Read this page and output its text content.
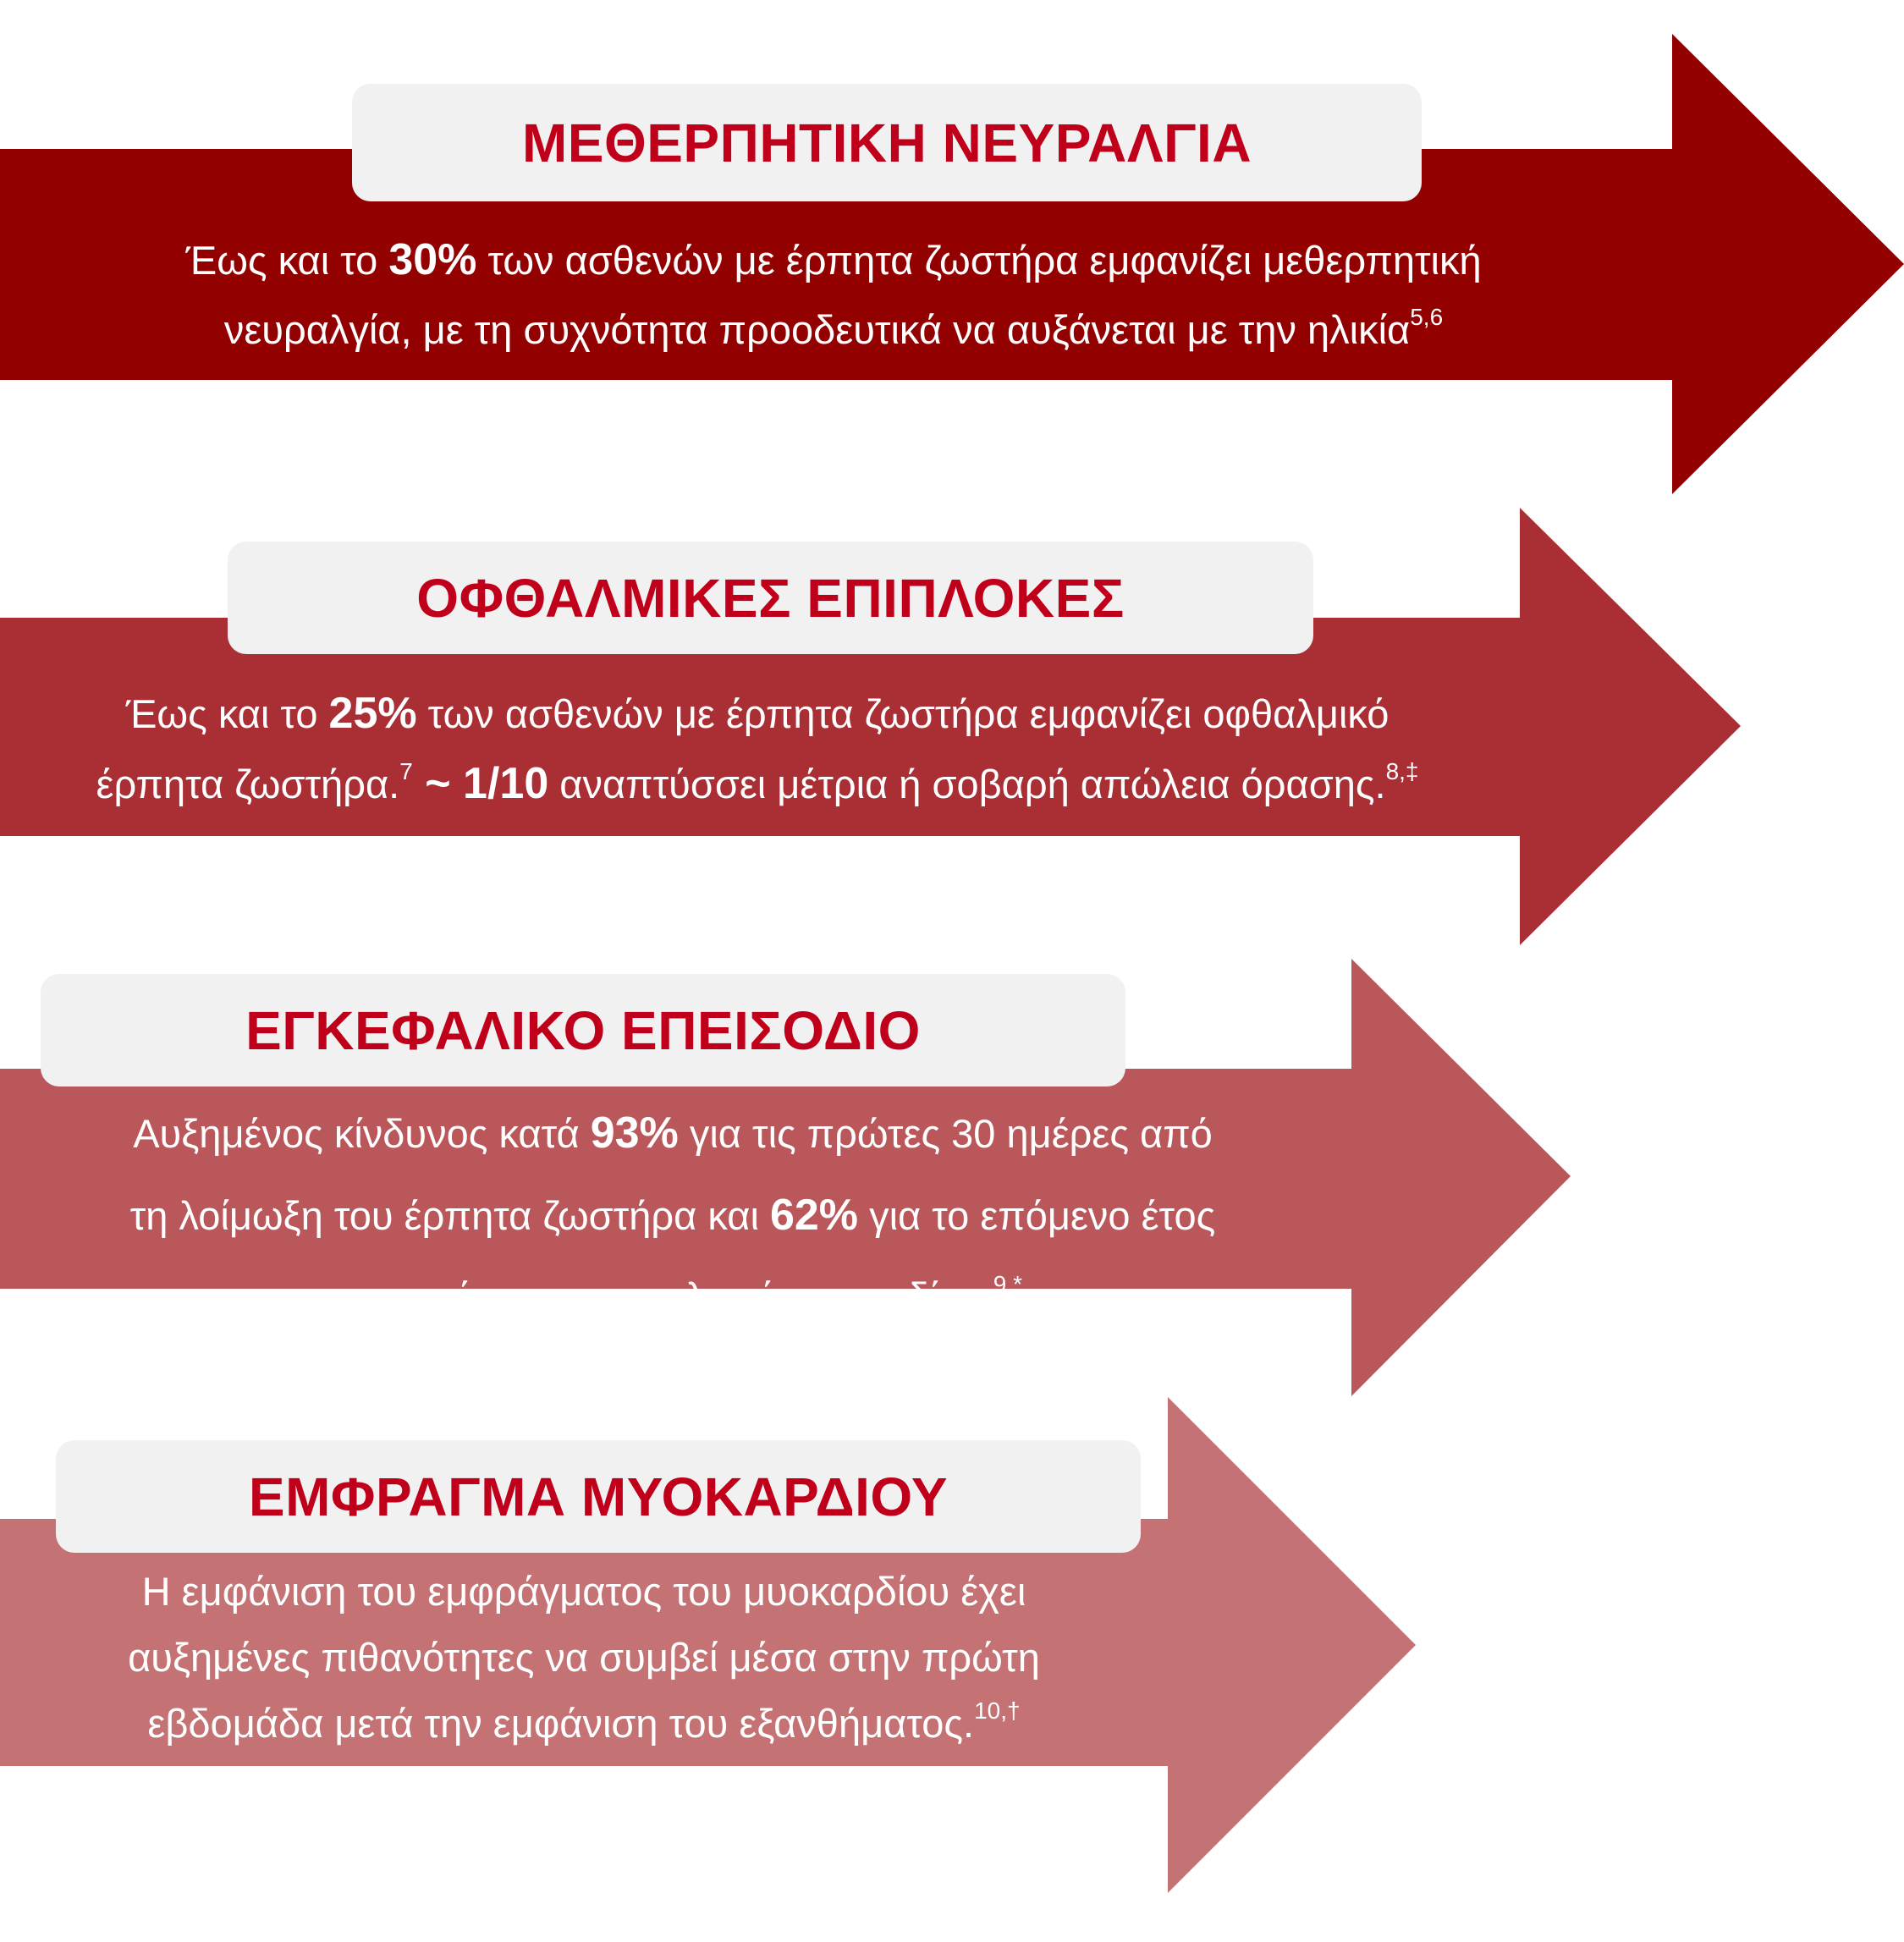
ΜΕΘΕΡΠΗΤΙΚΗ ΝΕΥΡΑΛΓΙΑ
Έως και το 30% των ασθενών με έρπητα ζωστήρα εμφανίζει μεθερπητική
νευραλγία, με τη συχνότητα προοδευτικά να αυξάνεται με την ηλικία$^{5,6}$
ΟΦΘΑΛΜΙΚΕΣ ΕΠΙΠΛΟΚΕΣ
Έως και το 25% των ασθενών με έρπητα ζωστήρα εμφανίζει οφθαλμικό
έρπητα ζωστήρα.$^7$ ~ 1/10 αναπτύσσει μέτρια ή σοβαρή απώλεια όρασης.$^{8,\ddagger}$
ΕΓΚΕΦΑΛΙΚΟ ΕΠΕΙΣΟΔΙΟ
Αυξημένος κίνδυνος κατά 93% για τις πρώτες 30 ημέρες από
τη λοίμωξη του έρπητα ζωστήρα και 62% για το επόμενο έτος
για εμφάνιση εγκεφαλικού επεισοδίου.$^{9,*}$
ΕΜΦΡΑΓΜΑ ΜΥΟΚΑΡΔΙΟΥ
Η εμφάνιση του εμφράγματος του μυοκαρδίου έχει
αυξημένες πιθανότητες να συμβεί μέσα στην πρώτη
εβδομάδα μετά την εμφάνιση του εξανθήματος.$^{10,\dagger}$
